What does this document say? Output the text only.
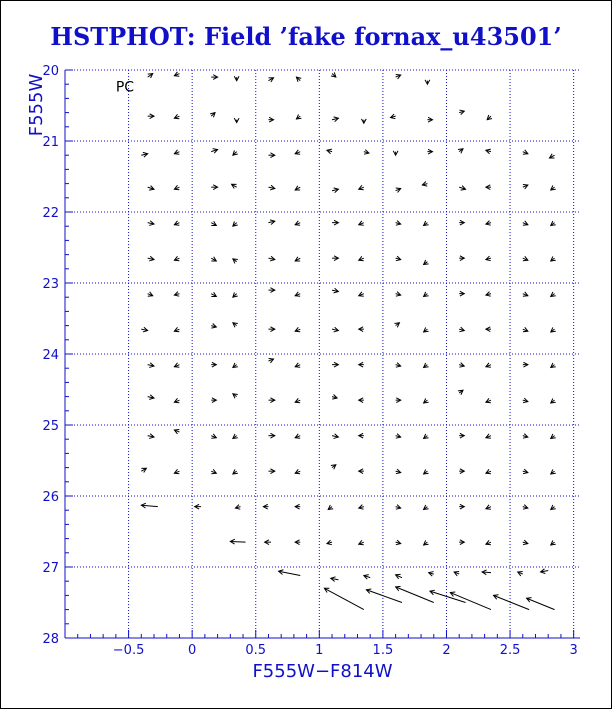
HSTPHOT: Field ’fake fornax_u43501’
PC
F555W−F814W
F555W
−0.5	0	0.5	1	1.5	2	2.5	3
20
21
22
23
24
25
26
27
28
